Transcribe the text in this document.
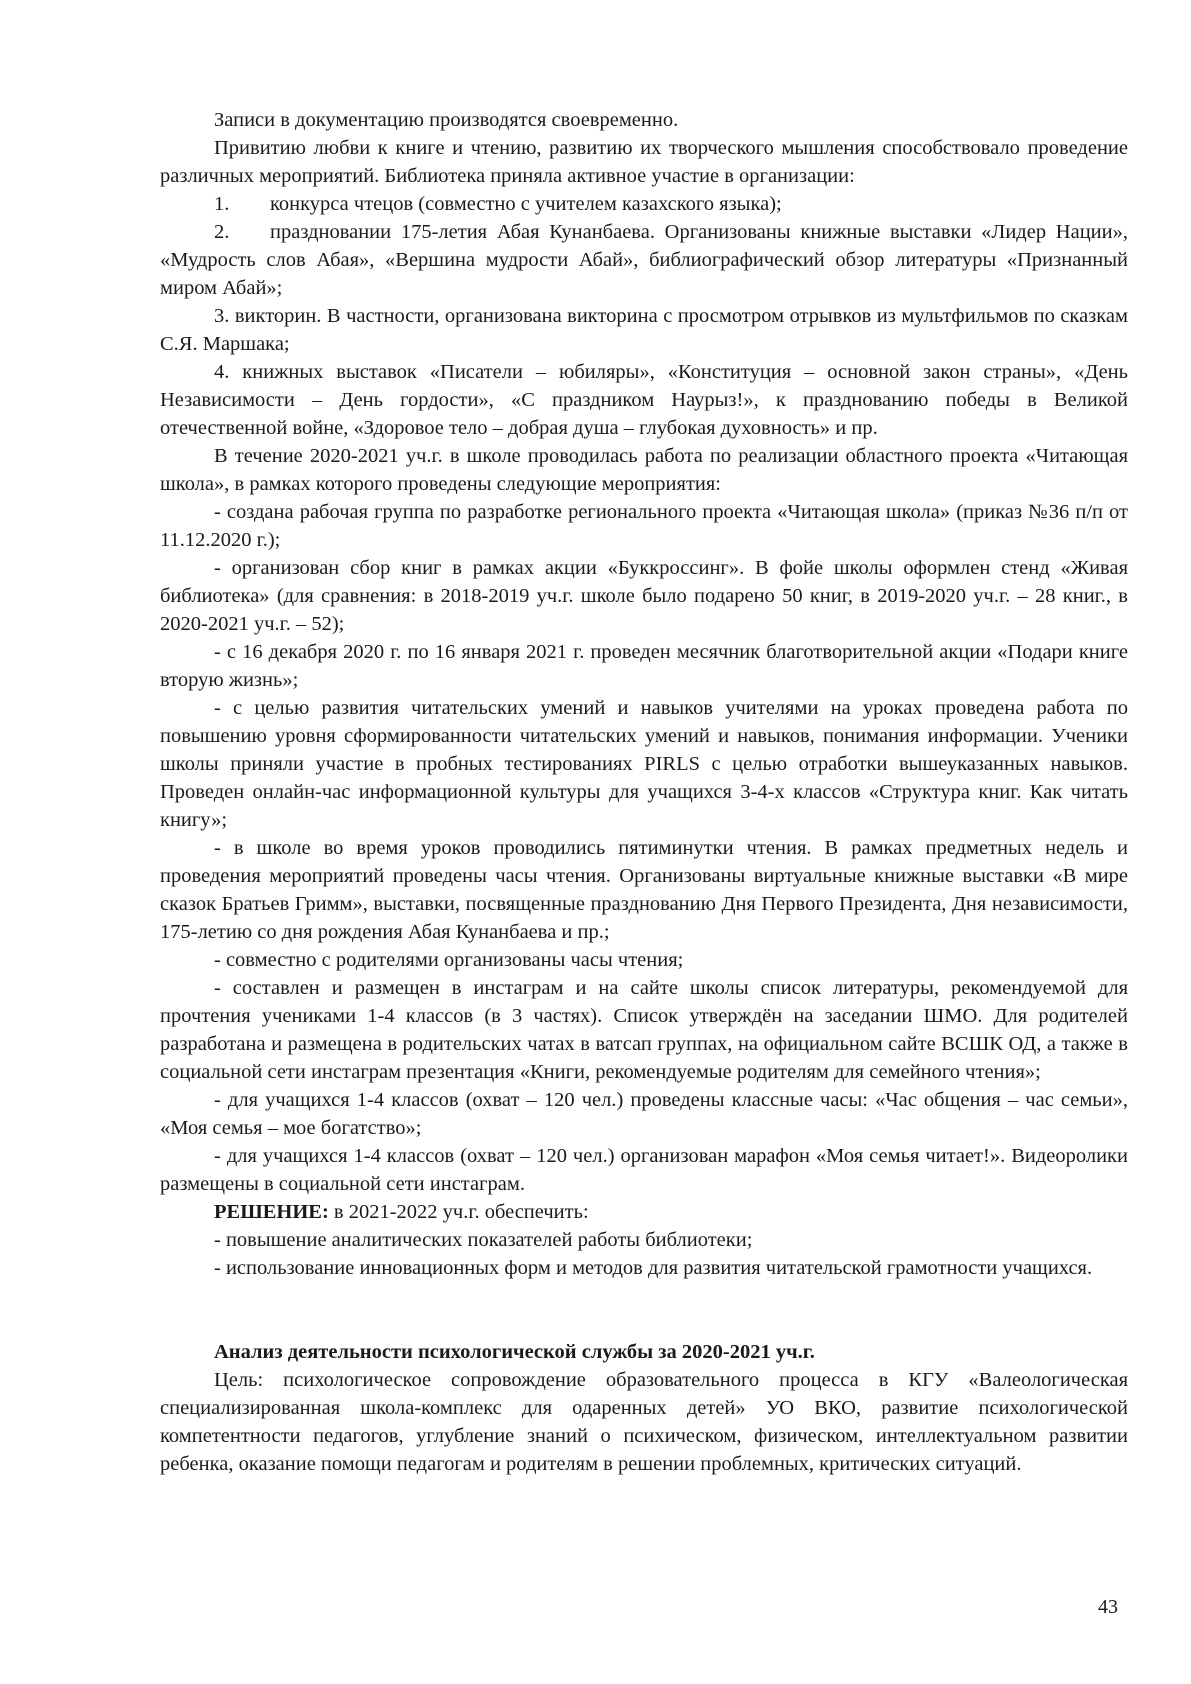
Записи в документацию производятся своевременно.

Привитию любви к книге и чтению, развитию их творческого мышления способствовало проведение различных мероприятий. Библиотека приняла активное участие в организации:

1. конкурса чтецов (совместно с учителем казахского языка);

2. праздновании 175-летия Абая Кунанбаева. Организованы книжные выставки «Лидер Нации», «Мудрость слов Абая», «Вершина мудрости Абай», библиографический обзор литературы «Признанный миром Абай»;

3. викторин. В частности, организована викторина с просмотром отрывков из мультфильмов по сказкам С.Я. Маршака;

4. книжных выставок «Писатели – юбиляры», «Конституция – основной закон страны», «День Независимости – День гордости», «С праздником Наурыз!», к празднованию победы в Великой отечественной войне, «Здоровое тело – добрая душа – глубокая духовность» и пр.

В течение 2020-2021 уч.г. в школе проводилась работа по реализации областного проекта «Читающая школа», в рамках которого проведены следующие мероприятия:

- создана рабочая группа по разработке регионального проекта «Читающая школа» (приказ №36 п/п от 11.12.2020 г.);

- организован сбор книг в рамках акции «Буккроссинг». В фойе школы оформлен стенд «Живая библиотека» (для сравнения: в 2018-2019 уч.г. школе было подарено 50 книг, в 2019-2020 уч.г. – 28 книг., в 2020-2021 уч.г. – 52);

- с 16 декабря 2020 г. по 16 января 2021 г. проведен месячник благотворительной акции «Подари книге вторую жизнь»;

- с целью развития читательских умений и навыков учителями на уроках проведена работа по повышению уровня сформированности читательских умений и навыков, понимания информации. Ученики школы приняли участие в пробных тестированиях PIRLS с целью отработки вышеуказанных навыков. Проведен онлайн-час информационной культуры для учащихся 3-4-х классов «Структура книг. Как читать книгу»;

- в школе во время уроков проводились пятиминутки чтения. В рамках предметных недель и проведения мероприятий проведены часы чтения. Организованы виртуальные книжные выставки «В мире сказок Братьев Гримм», выставки, посвященные празднованию Дня Первого Президента, Дня независимости, 175-летию со дня рождения Абая Кунанбаева и пр.;

- совместно с родителями организованы часы чтения;

- составлен и размещен в инстаграм и на сайте школы список литературы, рекомендуемой для прочтения учениками 1-4 классов (в 3 частях). Список утверждён на заседании ШМО. Для родителей разработана и размещена в родительских чатах в ватсап группах, на официальном сайте ВСШК ОД, а также в социальной сети инстаграм презентация «Книги, рекомендуемые родителям для семейного чтения»;

- для учащихся 1-4 классов (охват – 120 чел.) проведены классные часы: «Час общения – час семьи», «Моя семья – мое богатство»;

- для учащихся 1-4 классов (охват – 120 чел.) организован марафон «Моя семья читает!». Видеоролики размещены в социальной сети инстаграм.

РЕШЕНИЕ: в 2021-2022 уч.г. обеспечить:

- повышение аналитических показателей работы библиотеки;

- использование инновационных форм и методов для развития читательской грамотности учащихся.

Анализ деятельности психологической службы за 2020-2021 уч.г.

Цель: психологическое сопровождение образовательного процесса в КГУ «Валеологическая специализированная школа-комплекс для одаренных детей» УО ВКО, развитие психологической компетентности педагогов, углубление знаний о психическом, физическом, интеллектуальном развитии ребенка, оказание помощи педагогам и родителям в решении проблемных, критических ситуаций.

43
